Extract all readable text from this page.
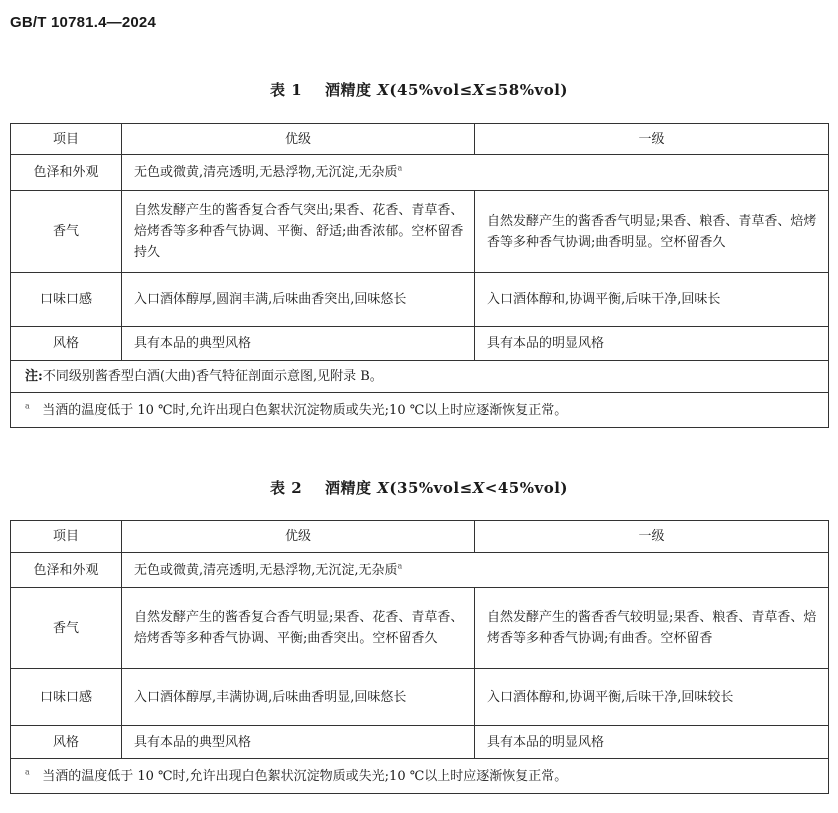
GB/T 10781.4—2024
表 1 酒精度 X(45%vol≤X≤58%vol)
项目	优级	一级
色泽和外观	无色或微黄,清亮透明,无悬浮物,无沉淀,无杂质$^a$
香气	自然发酵产生的酱香复合香气突出;果香、花香、青草香、焙烤香等多种香气协调、平衡、舒适;曲香浓郁。空杯留香持久	自然发酵产生的酱香香气明显;果香、粮香、青草香、焙烤香等多种香气协调;曲香明显。空杯留香久
口味口感	入口酒体醇厚,圆润丰满,后味曲香突出,回味悠长	入口酒体醇和,协调平衡,后味干净,回味长
风格	具有本品的典型风格	具有本品的明显风格
注:不同级别酱香型白酒(大曲)香气特征剖面示意图,见附录 B。		
$^a$ 当酒的温度低于 10 ℃时,允许出现白色絮状沉淀物质或失光;10 ℃以上时应逐渐恢复正常。		
表 2 酒精度 X(35%vol≤X<45%vol)
项目	优级	一级
色泽和外观	无色或微黄,清亮透明,无悬浮物,无沉淀,无杂质$^a$
香气	自然发酵产生的酱香复合香气明显;果香、花香、青草香、焙烤香等多种香气协调、平衡;曲香突出。空杯留香久	自然发酵产生的酱香香气较明显;果香、粮香、青草香、焙烤香等多种香气协调;有曲香。空杯留香
口味口感	入口酒体醇厚,丰满协调,后味曲香明显,回味悠长	入口酒体醇和,协调平衡,后味干净,回味较长
风格	具有本品的典型风格	具有本品的明显风格
$^a$ 当酒的温度低于 10 ℃时,允许出现白色絮状沉淀物质或失光;10 ℃以上时应逐渐恢复正常。		
